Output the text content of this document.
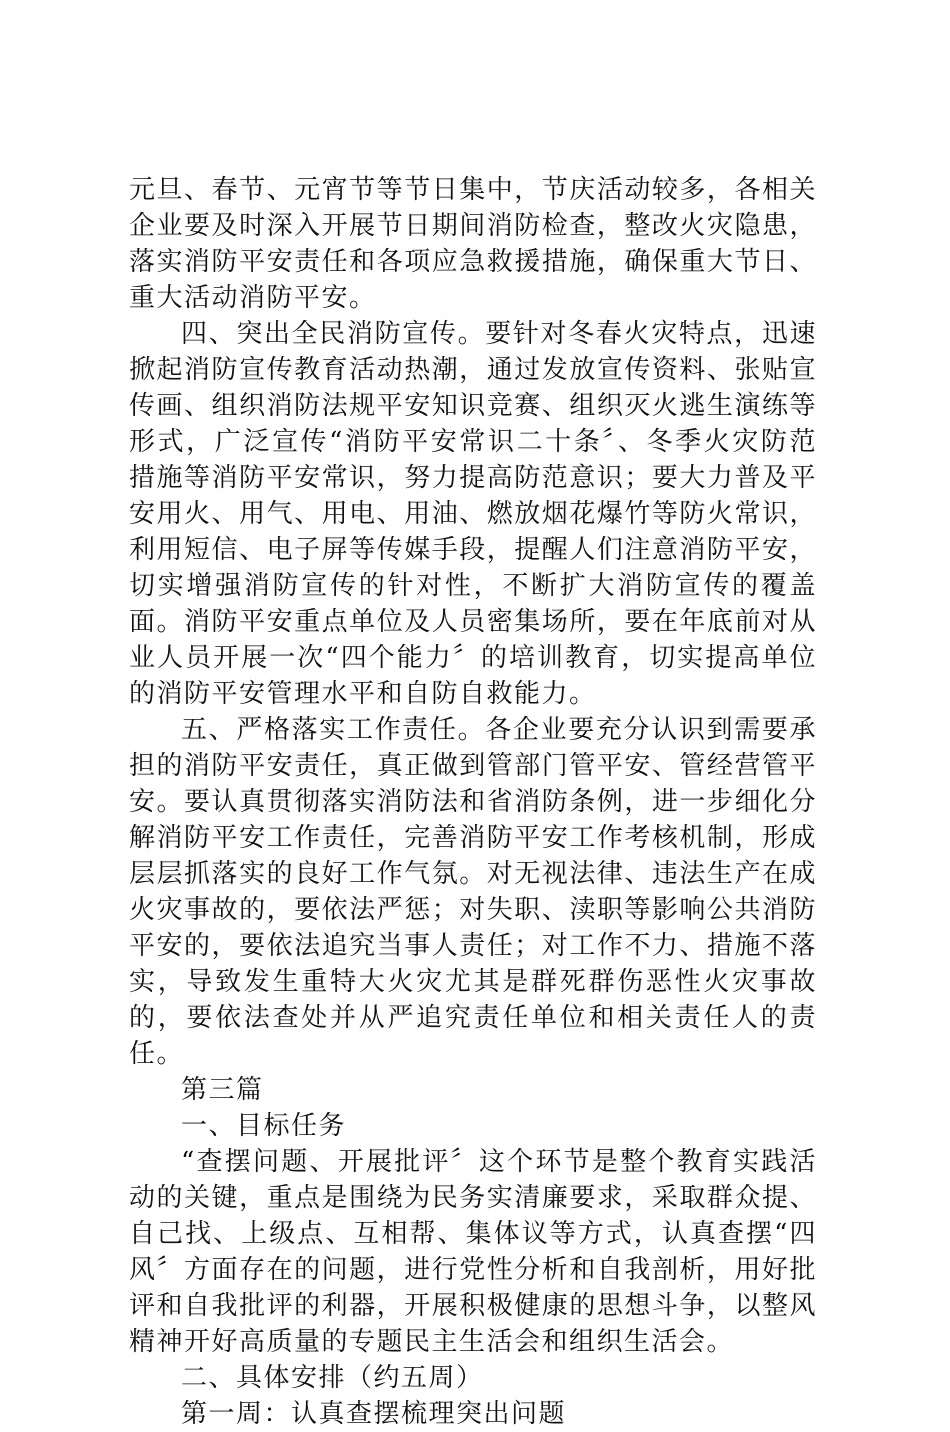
元旦、春节、元宵节等节日集中，节庆活动较多，各相关企业要及时深入开展节日期间消防检查，整改火灾隐患，落实消防平安责任和各项应急救援措施，确保重大节日、重大活动消防平安。

四、突出全民消防宣传。要针对冬春火灾特点，迅速掀起消防宣传教育活动热潮，通过发放宣传资料、张贴宣传画、组织消防法规平安知识竞赛、组织灭火逃生演练等形式，广泛宣传“消防平安常识二十条〞、冬季火灾防范措施等消防平安常识，努力提高防范意识；要大力普及平安用火、用气、用电、用油、燃放烟花爆竹等防火常识，利用短信、电子屏等传媒手段，提醒人们注意消防平安，切实增强消防宣传的针对性，不断扩大消防宣传的覆盖面。消防平安重点单位及人员密集场所，要在年底前对从业人员开展一次“四个能力〞的培训教育，切实提高单位的消防平安管理水平和自防自救能力。

五、严格落实工作责任。各企业要充分认识到需要承担的消防平安责任，真正做到管部门管平安、管经营管平安。要认真贯彻落实消防法和省消防条例，进一步细化分解消防平安工作责任，完善消防平安工作考核机制，形成层层抓落实的良好工作气氛。对无视法律、违法生产在成火灾事故的，要依法严惩；对失职、渎职等影响公共消防平安的，要依法追究当事人责任；对工作不力、措施不落实，导致发生重特大火灾尤其是群死群伤恶性火灾事故的，要依法查处并从严追究责任单位和相关责任人的责任。

第三篇

一、目标任务

“查摆问题、开展批评〞这个环节是整个教育实践活动的关键，重点是围绕为民务实清廉要求，采取群众提、自己找、上级点、互相帮、集体议等方式，认真查摆“四风〞方面存在的问题，进行党性分析和自我剖析，用好批评和自我批评的利器，开展积极健康的思想斗争，以整风精神开好高质量的专题民主生活会和组织生活会。

二、具体安排（约五周）

第一周：认真查摆梳理突出问题
